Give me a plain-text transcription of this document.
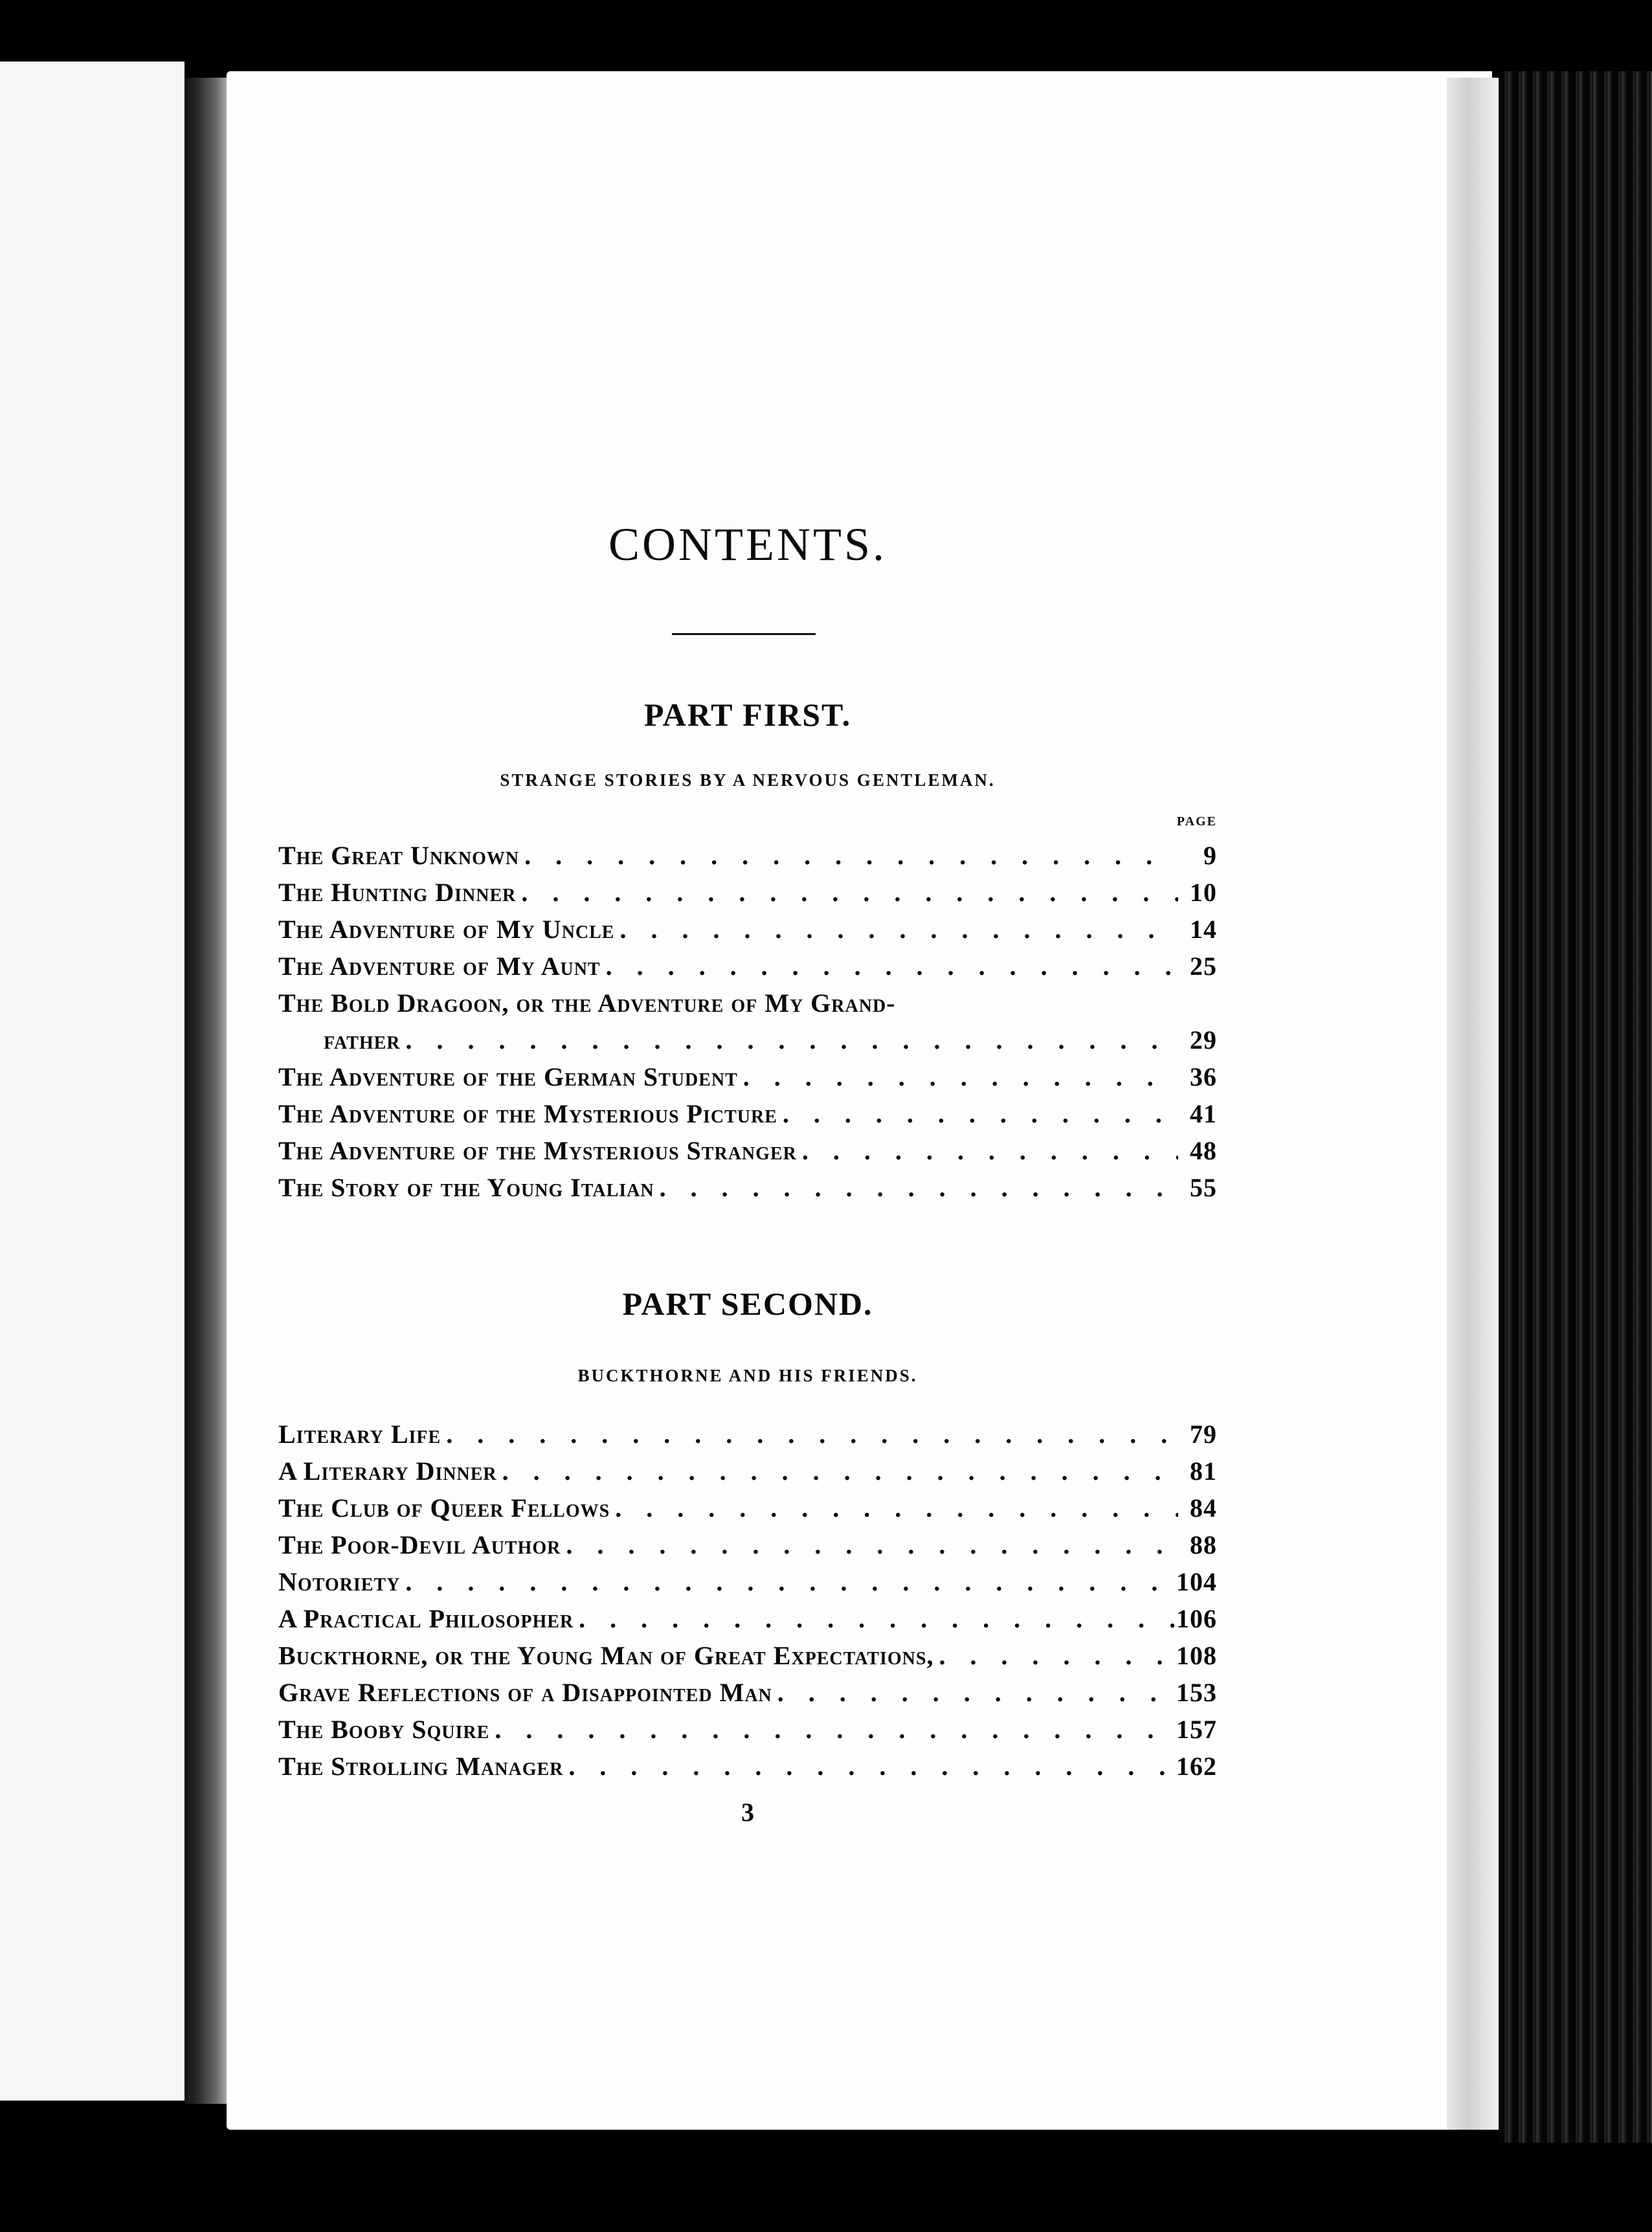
CONTENTS.
PART FIRST.
STRANGE STORIES BY A NERVOUS GENTLEMAN.
PAGE
The Great Unknown . . .	9
The Hunting Dinner . . .	10
The Adventure of My Uncle . . .	14
The Adventure of My Aunt . . .	25
The Bold Dragoon, or the Adventure of My Grand-
father . . .	29
The Adventure of the German Student . . .	36
The Adventure of the Mysterious Picture . . .	41
The Adventure of the Mysterious Stranger . . .	48
The Story of the Young Italian . . .	55
PART SECOND.
BUCKTHORNE AND HIS FRIENDS.
Literary Life . . .	79
A Literary Dinner . . .	81
The Club of Queer Fellows . . .	84
The Poor-Devil Author . . .	88
Notoriety . . .	104
A Practical Philosopher . . .	106
Buckthorne, or the Young Man of Great Expectations, . . .	108
Grave Reflections of a Disappointed Man . . .	153
The Booby Squire . . .	157
The Strolling Manager . . .	162
3
